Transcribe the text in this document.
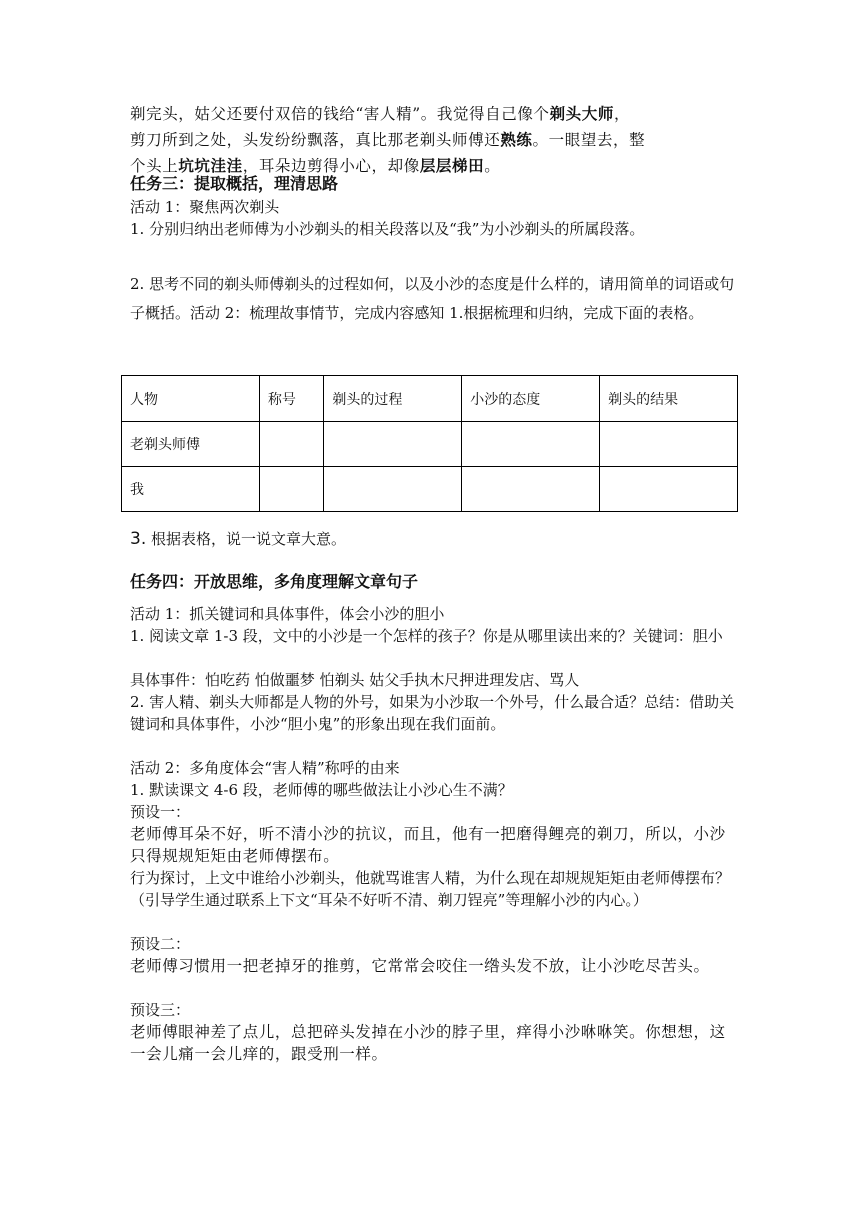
剃完头，姑父还要付双倍的钱给“害人精”。我觉得自己像个剃头大师，
剪刀所到之处，头发纷纷飘落，真比那老剃头师傅还熟练。一眼望去，整
个头上坑坑洼洼，耳朵边剪得小心，却像层层梯田。
任务三：提取概括，理清思路
活动 1：聚焦两次剃头
1. 分别归纳出老师傅为小沙剃头的相关段落以及“我”为小沙剃头的所属段落。
2. 思考不同的剃头师傅剃头的过程如何，以及小沙的态度是什么样的，请用简单的词语或句子概括。活动 2：梳理故事情节，完成内容感知 1.根据梳理和归纳，完成下面的表格。
人物	称号	剃头的过程	小沙的态度	剃头的结果
老剃头师傅				
我				
3. 根据表格，说一说文章大意。
任务四：开放思维，多角度理解文章句子
活动 1：抓关键词和具体事件，体会小沙的胆小
1. 阅读文章 1-3 段，文中的小沙是一个怎样的孩子？你是从哪里读出来的？关键词：胆小
具体事件：怕吃药 怕做噩梦 怕剃头 姑父手执木尺押进理发店、骂人
2. 害人精、剃头大师都是人物的外号，如果为小沙取一个外号，什么最合适？总结：借助关键词和具体事件，小沙“胆小鬼”的形象出现在我们面前。
活动 2：多角度体会“害人精”称呼的由来
1. 默读课文 4-6 段，老师傅的哪些做法让小沙心生不满？
预设一：
老师傅耳朵不好，听不清小沙的抗议，而且，他有一把磨得鲤亮的剃刀，所以，小沙只得规规矩矩由老师傅摆布。
行为探讨，上文中谁给小沙剃头，他就骂谁害人精，为什么现在却规规矩矩由老师傅摆布？（引导学生通过联系上下文“耳朵不好听不清、剃刀锃亮”等理解小沙的内心。）
预设二：
老师傅习惯用一把老掉牙的推剪，它常常会咬住一绺头发不放，让小沙吃尽苦头。
预设三：
老师傅眼神差了点儿，总把碎头发掉在小沙的脖子里，痒得小沙咻咻笑。你想想，这一会儿痛一会儿痒的，跟受刑一样。
